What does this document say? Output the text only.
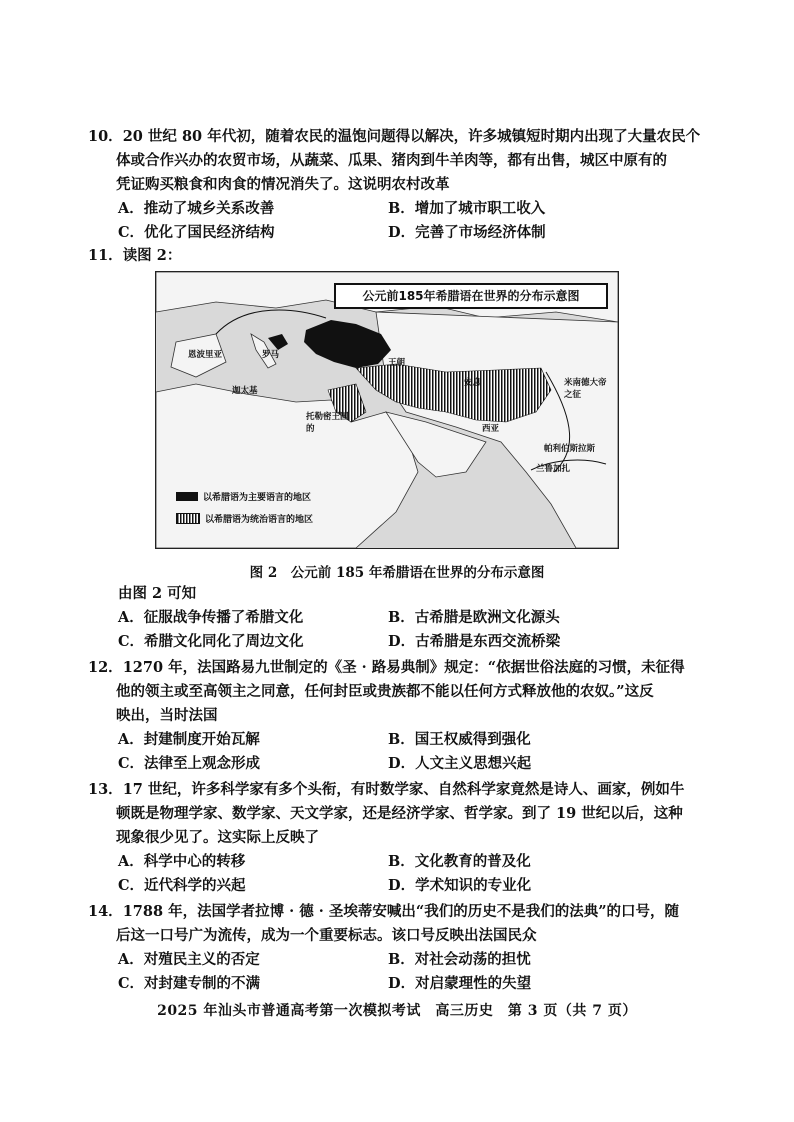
10．20 世纪 80 年代初，随着农民的温饱问题得以解决，许多城镇短时期内出现了大量农民个
体或合作兴办的农贸市场，从蔬菜、瓜果、猪肉到牛羊肉等，都有出售，城区中原有的
凭证购买粮食和肉食的情况消失了。这说明农村改革
A．推动了城乡关系改善	B．增加了城市职工收入
C．优化了国民经济结构	D．完善了市场经济体制
11．读图 2：
公元前185年希腊语在世界的分布示意图
恩波里亚	罗马
迦太基
王朝
安息
托勒密王国的	西亚
米南德大帝之征
帕利伯斯拉斯
兰鲁加扎
以希腊语为主要语言的地区
以希腊语为统治语言的地区
图 2　公元前 185 年希腊语在世界的分布示意图
由图 2 可知
A．征服战争传播了希腊文化	B．古希腊是欧洲文化源头
C．希腊文化同化了周边文化	D．古希腊是东西交流桥梁
12．1270 年，法国路易九世制定的《圣 · 路易典制》规定：“依据世俗法庭的习惯，未征得
他的领主或至高领主之同意，任何封臣或贵族都不能以任何方式释放他的农奴。”这反
映出，当时法国
A．封建制度开始瓦解	B．国王权威得到强化
C．法律至上观念形成	D．人文主义思想兴起
13．17 世纪，许多科学家有多个头衔，有时数学家、自然科学家竟然是诗人、画家，例如牛
顿既是物理学家、数学家、天文学家，还是经济学家、哲学家。到了 19 世纪以后，这种
现象很少见了。这实际上反映了
A．科学中心的转移	B．文化教育的普及化
C．近代科学的兴起	D．学术知识的专业化
14．1788 年，法国学者拉博 · 德 · 圣埃蒂安喊出“我们的历史不是我们的法典”的口号，随
后这一口号广为流传，成为一个重要标志。该口号反映出法国民众
A．对殖民主义的否定	B．对社会动荡的担忧
C．对封建专制的不满	D．对启蒙理性的失望
2025 年汕头市普通高考第一次模拟考试　高三历史　第 3 页（共 7 页）
